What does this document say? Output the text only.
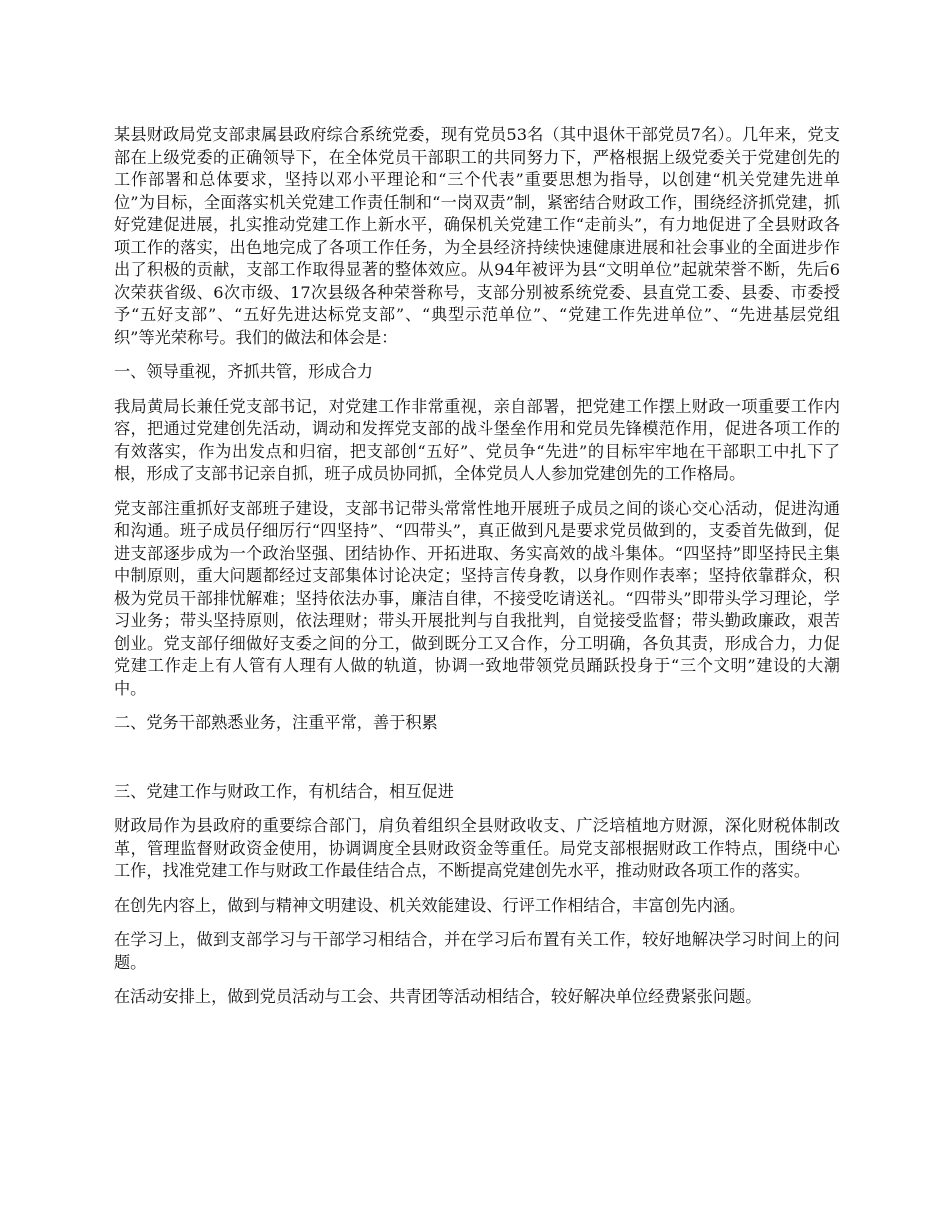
某县财政局党支部隶属县政府综合系统党委，现有党员53名（其中退休干部党员7名）。几年来，党支部在上级党委的正确领导下，在全体党员干部职工的共同努力下，严格根据上级党委关于党建创先的工作部署和总体要求，坚持以邓小平理论和“三个代表”重要思想为指导，以创建“机关党建先进单位”为目标，全面落实机关党建工作责任制和“一岗双责”制，紧密结合财政工作，围绕经济抓党建，抓好党建促进展，扎实推动党建工作上新水平，确保机关党建工作“走前头”，有力地促进了全县财政各项工作的落实，出色地完成了各项工作任务，为全县经济持续快速健康进展和社会事业的全面进步作出了积极的贡献，支部工作取得显著的整体效应。从94年被评为县“文明单位”起就荣誉不断，先后6次荣获省级、6次市级、17次县级各种荣誉称号，支部分别被系统党委、县直党工委、县委、市委授予“五好支部”、“五好先进达标党支部”、“典型示范单位”、“党建工作先进单位”、“先进基层党组织”等光荣称号。我们的做法和体会是：

一、领导重视，齐抓共管，形成合力

我局黄局长兼任党支部书记，对党建工作非常重视，亲自部署，把党建工作摆上财政一项重要工作内容，把通过党建创先活动，调动和发挥党支部的战斗堡垒作用和党员先锋模范作用，促进各项工作的有效落实，作为出发点和归宿，把支部创“五好”、党员争“先进”的目标牢牢地在干部职工中扎下了根，形成了支部书记亲自抓，班子成员协同抓，全体党员人人参加党建创先的工作格局。

党支部注重抓好支部班子建设，支部书记带头常常性地开展班子成员之间的谈心交心活动，促进沟通和沟通。班子成员仔细厉行“四坚持”、“四带头”，真正做到凡是要求党员做到的，支委首先做到，促进支部逐步成为一个政治坚强、团结协作、开拓进取、务实高效的战斗集体。“四坚持”即坚持民主集中制原则，重大问题都经过支部集体讨论决定；坚持言传身教，以身作则作表率；坚持依靠群众，积极为党员干部排忧解难；坚持依法办事，廉洁自律，不接受吃请送礼。“四带头”即带头学习理论，学习业务；带头坚持原则，依法理财；带头开展批判与自我批判，自觉接受监督；带头勤政廉政，艰苦创业。党支部仔细做好支委之间的分工，做到既分工又合作，分工明确，各负其责，形成合力，力促党建工作走上有人管有人理有人做的轨道，协调一致地带领党员踊跃投身于“三个文明”建设的大潮中。

二、党务干部熟悉业务，注重平常，善于积累

三、党建工作与财政工作，有机结合，相互促进

财政局作为县政府的重要综合部门，肩负着组织全县财政收支、广泛培植地方财源，深化财税体制改革，管理监督财政资金使用，协调调度全县财政资金等重任。局党支部根据财政工作特点，围绕中心工作，找准党建工作与财政工作最佳结合点，不断提高党建创先水平，推动财政各项工作的落实。

在创先内容上，做到与精神文明建设、机关效能建设、行评工作相结合，丰富创先内涵。

在学习上，做到支部学习与干部学习相结合，并在学习后布置有关工作，较好地解决学习时间上的问题。

在活动安排上，做到党员活动与工会、共青团等活动相结合，较好解决单位经费紧张问题。
